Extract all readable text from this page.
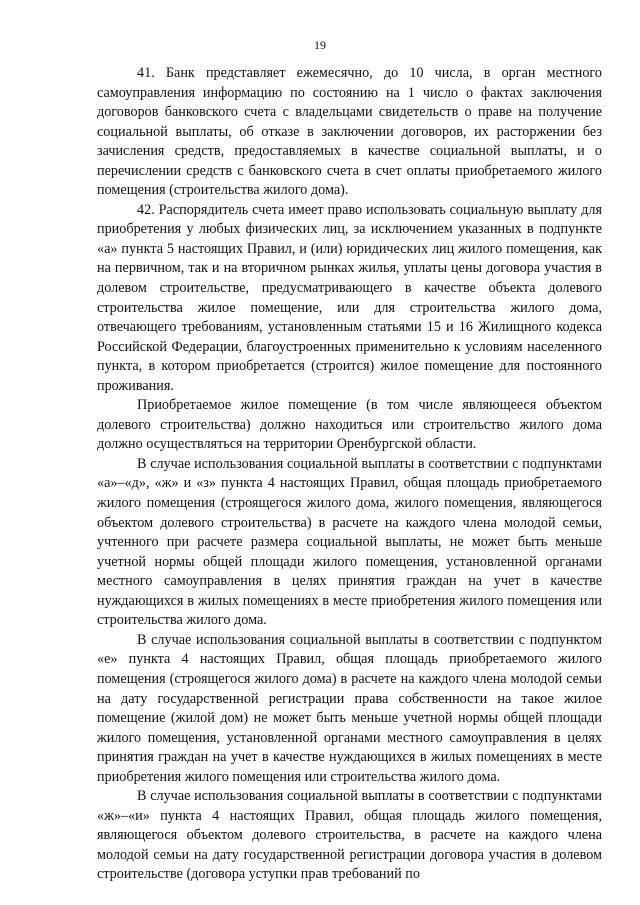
19

41. Банк представляет ежемесячно, до 10 числа, в орган местного самоуправления информацию по состоянию на 1 число о фактах заключения договоров банковского счета с владельцами свидетельств о праве на получение социальной выплаты, об отказе в заключении договоров, их расторжении без зачисления средств, предоставляемых в качестве социальной выплаты, и о перечислении средств с банковского счета в счет оплаты приобретаемого жилого помещения (строительства жилого дома).

42. Распорядитель счета имеет право использовать социальную выплату для приобретения у любых физических лиц, за исключением указанных в подпункте «а» пункта 5 настоящих Правил, и (или) юридических лиц жилого помещения, как на первичном, так и на вторичном рынках жилья, уплаты цены договора участия в долевом строительстве, предусматривающего в качестве объекта долевого строительства жилое помещение, или для строительства жилого дома, отвечающего требованиям, установленным статьями 15 и 16 Жилищного кодекса Российской Федерации, благоустроенных применительно к условиям населенного пункта, в котором приобретается (строится) жилое помещение для постоянного проживания.

Приобретаемое жилое помещение (в том числе являющееся объектом долевого строительства) должно находиться или строительство жилого дома должно осуществляться на территории Оренбургской области.

В случае использования социальной выплаты в соответствии с подпунктами «а»–«д», «ж» и «з» пункта 4 настоящих Правил, общая площадь приобретаемого жилого помещения (строящегося жилого дома, жилого помещения, являющегося объектом долевого строительства) в расчете на каждого члена молодой семьи, учтенного при расчете размера социальной выплаты, не может быть меньше учетной нормы общей площади жилого помещения, установленной органами местного самоуправления в целях принятия граждан на учет в качестве нуждающихся в жилых помещениях в месте приобретения жилого помещения или строительства жилого дома.

В случае использования социальной выплаты в соответствии с подпунктом «е» пункта 4 настоящих Правил, общая площадь приобретаемого жилого помещения (строящегося жилого дома) в расчете на каждого члена молодой семьи на дату государственной регистрации права собственности на такое жилое помещение (жилой дом) не может быть меньше учетной нормы общей площади жилого помещения, установленной органами местного самоуправления в целях принятия граждан на учет в качестве нуждающихся в жилых помещениях в месте приобретения жилого помещения или строительства жилого дома.

В случае использования социальной выплаты в соответствии с подпунктами «ж»–«и» пункта 4 настоящих Правил, общая площадь жилого помещения, являющегося объектом долевого строительства, в расчете на каждого члена молодой семьи на дату государственной регистрации договора участия в долевом строительстве (договора уступки прав требований по
